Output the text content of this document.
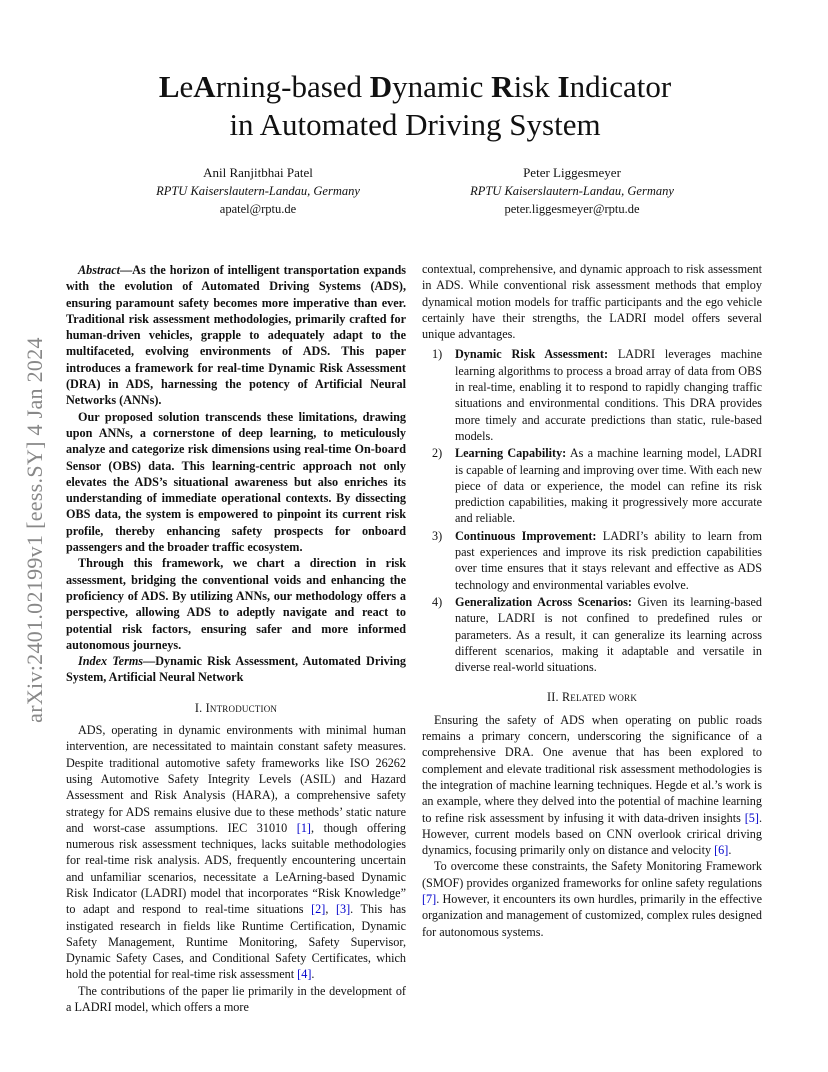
arXiv:2401.02199v1 [eess.SY] 4 Jan 2024
LeArning-based Dynamic Risk Indicator
in Automated Driving System
Anil Ranjitbhai Patel
RPTU Kaiserslautern-Landau, Germany
apatel@rptu.de
Peter Liggesmeyer
RPTU Kaiserslautern-Landau, Germany
peter.liggesmeyer@rptu.de

Abstract—As the horizon of intelligent transportation expands with the evolution of Automated Driving Systems (ADS), ensuring paramount safety becomes more imperative than ever. Traditional risk assessment methodologies, primarily crafted for human-driven vehicles, grapple to adequately adapt to the multifaceted, evolving environments of ADS. This paper introduces a framework for real-time Dynamic Risk Assessment (DRA) in ADS, harnessing the potency of Artificial Neural Networks (ANNs).

Our proposed solution transcends these limitations, drawing upon ANNs, a cornerstone of deep learning, to meticulously analyze and categorize risk dimensions using real-time On-board Sensor (OBS) data. This learning-centric approach not only elevates the ADS’s situational awareness but also enriches its understanding of immediate operational contexts. By dissecting OBS data, the system is empowered to pinpoint its current risk profile, thereby enhancing safety prospects for onboard passengers and the broader traffic ecosystem.

Through this framework, we chart a direction in risk assessment, bridging the conventional voids and enhancing the proficiency of ADS. By utilizing ANNs, our methodology offers a perspective, allowing ADS to adeptly navigate and react to potential risk factors, ensuring safer and more informed autonomous journeys.

Index Terms—Dynamic Risk Assessment, Automated Driving System, Artificial Neural Network

I. Introduction

ADS, operating in dynamic environments with minimal human intervention, are necessitated to maintain constant safety measures. Despite traditional automotive safety frameworks like ISO 26262 using Automotive Safety Integrity Levels (ASIL) and Hazard Assessment and Risk Analysis (HARA), a comprehensive safety strategy for ADS remains elusive due to these methods’ static nature and worst-case assumptions. IEC 31010 [1], though offering numerous risk assessment techniques, lacks suitable methodologies for real-time risk analysis. ADS, frequently encountering uncertain and unfamiliar scenarios, necessitate a LeArning-based Dynamic Risk Indicator (LADRI) model that incorporates “Risk Knowledge” to adapt and respond to real-time situations [2], [3]. This has instigated research in fields like Runtime Certification, Dynamic Safety Management, Runtime Monitoring, Safety Supervisor, Dynamic Safety Cases, and Conditional Safety Certificates, which hold the potential for real-time risk assessment [4].

The contributions of the paper lie primarily in the development of a LADRI model, which offers a more

contextual, comprehensive, and dynamic approach to risk assessment in ADS. While conventional risk assessment methods that employ dynamical motion models for traffic participants and the ego vehicle certainly have their strengths, the LADRI model offers several unique advantages.

1) Dynamic Risk Assessment: LADRI leverages machine learning algorithms to process a broad array of data from OBS in real-time, enabling it to respond to rapidly changing traffic situations and environmental conditions. This DRA provides more timely and accurate predictions than static, rule-based models.
2) Learning Capability: As a machine learning model, LADRI is capable of learning and improving over time. With each new piece of data or experience, the model can refine its risk prediction capabilities, making it progressively more accurate and reliable.
3) Continuous Improvement: LADRI’s ability to learn from past experiences and improve its risk prediction capabilities over time ensures that it stays relevant and effective as ADS technology and environmental variables evolve.
4) Generalization Across Scenarios: Given its learning-based nature, LADRI is not confined to predefined rules or parameters. As a result, it can generalize its learning across different scenarios, making it adaptable and versatile in diverse real-world situations.
II. Related work

Ensuring the safety of ADS when operating on public roads remains a primary concern, underscoring the significance of a comprehensive DRA. One avenue that has been explored to complement and elevate traditional risk assessment methodologies is the integration of machine learning techniques. Hegde et al.’s work is an example, where they delved into the potential of machine learning to refine risk assessment by infusing it with data-driven insights [5]. However, current models based on CNN overlook crirical driving dynamics, focusing primarily only on distance and velocity [6].

To overcome these constraints, the Safety Monitoring Framework (SMOF) provides organized frameworks for online safety regulations [7]. However, it encounters its own hurdles, primarily in the effective organization and management of customized, complex rules designed for autonomous systems.
